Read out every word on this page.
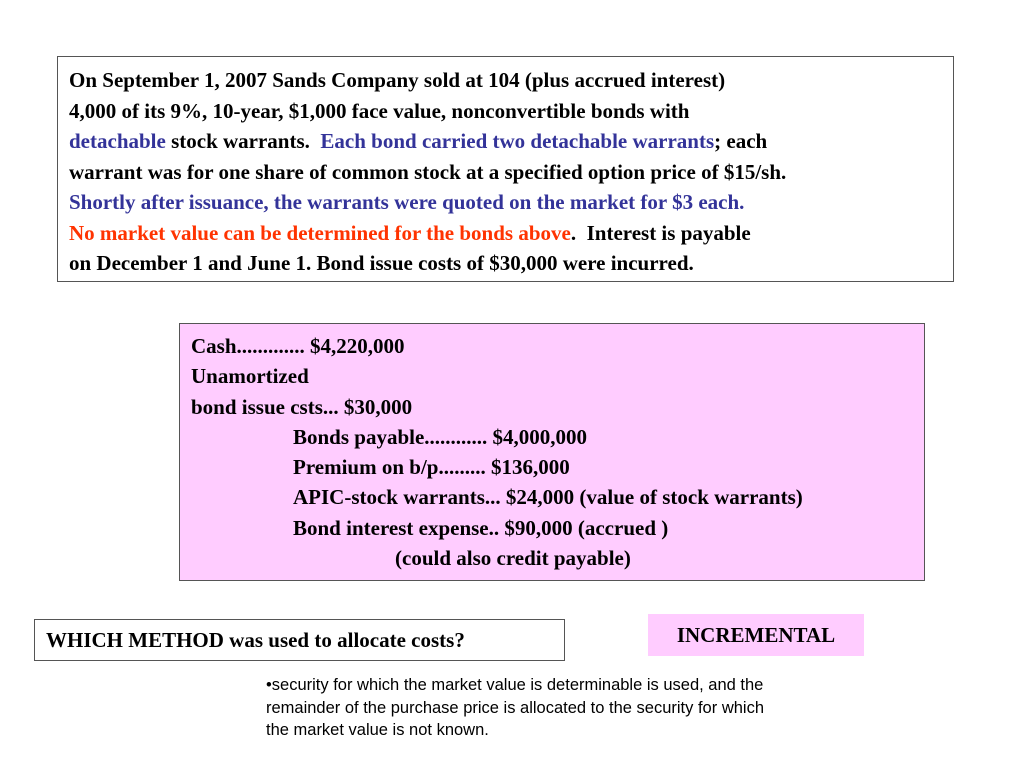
On September 1, 2007 Sands Company sold at 104 (plus accrued interest)
4,000 of its 9%, 10-year, $1,000 face value, nonconvertible bonds with
detachable stock warrants.  Each bond carried two detachable warrants; each
warrant was for one share of common stock at a specified option price of $15/sh.
Shortly after issuance, the warrants were quoted on the market for $3 each.
No market value can be determined for the bonds above.  Interest is payable
on December 1 and June 1. Bond issue costs of $30,000 were incurred.
Cash............. $4,220,000
Unamortized
bond issue csts... $30,000
Bonds payable............ $4,000,000
Premium on b/p......... $136,000
APIC-stock warrants... $24,000 (value of stock warrants)
Bond interest expense.. $90,000 (accrued )
(could also credit payable)
WHICH METHOD was used to allocate costs?	INCREMENTAL
•security for which the market value is determinable is used, and the
remainder of the purchase price is allocated to the security for which
the market value is not known.
